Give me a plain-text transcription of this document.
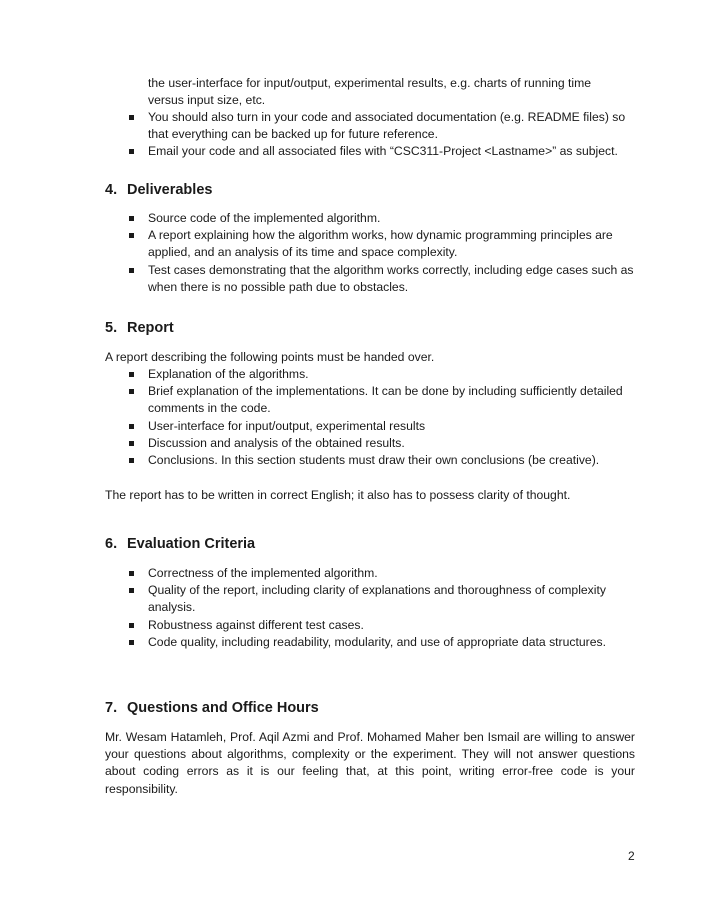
the user-interface for input/output, experimental results, e.g. charts of running time
versus input size, etc.
You should also turn in your code and associated documentation (e.g. README files) so that everything can be backed up for future reference.
Email your code and all associated files with “CSC311-Project <Lastname>” as subject.
4. Deliverables
Source code of the implemented algorithm.
A report explaining how the algorithm works, how dynamic programming principles are applied, and an analysis of its time and space complexity.
Test cases demonstrating that the algorithm works correctly, including edge cases such as when there is no possible path due to obstacles.
5. Report

A report describing the following points must be handed over.

Explanation of the algorithms.
Brief explanation of the implementations. It can be done by including sufficiently detailed comments in the code.
User-interface for input/output, experimental results
Discussion and analysis of the obtained results.
Conclusions. In this section students must draw their own conclusions (be creative).

The report has to be written in correct English; it also has to possess clarity of thought.

6. Evaluation Criteria
Correctness of the implemented algorithm.
Quality of the report, including clarity of explanations and thoroughness of complexity analysis.
Robustness against different test cases.
Code quality, including readability, modularity, and use of appropriate data structures.
7. Questions and Office Hours

Mr. Wesam Hatamleh, Prof. Aqil Azmi and Prof. Mohamed Maher ben Ismail are willing to answer your questions about algorithms, complexity or the experiment. They will not answer questions about coding errors as it is our feeling that, at this point, writing error-free code is your responsibility.

2
